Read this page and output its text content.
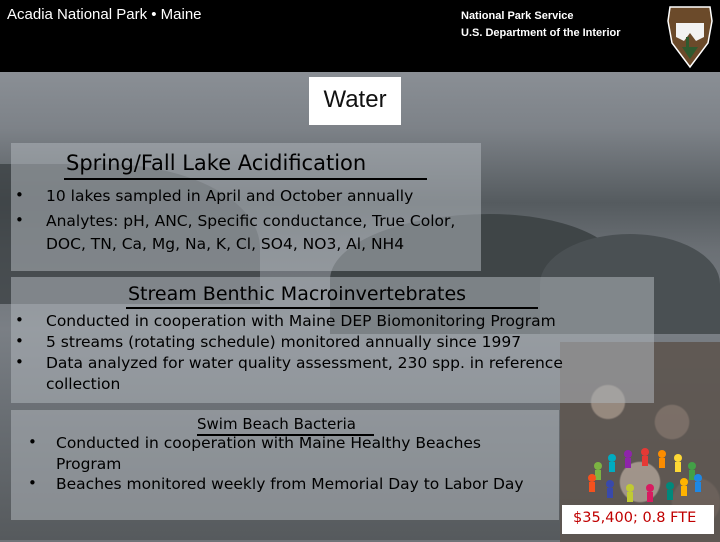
Acadia National Park • Maine	National Park Service
U.S. Department of the Interior
Water
Spring/Fall Lake Acidification
• 10 lakes sampled in April and October annually
• Analytes: pH, ANC, Specific conductance, True Color,
DOC, TN, Ca, Mg, Na, K, Cl, SO4, NO3, Al, NH4
Stream Benthic Macroinvertebrates
• Conducted in cooperation with Maine DEP Biomonitoring Program
• 5 streams (rotating schedule) monitored annually since 1997
• Data analyzed for water quality assessment, 230 spp. in reference
collection
Swim Beach Bacteria
• Conducted in cooperation with Maine Healthy Beaches
Program
• Beaches monitored weekly from Memorial Day to Labor Day
$35,400; 0.8 FTE
